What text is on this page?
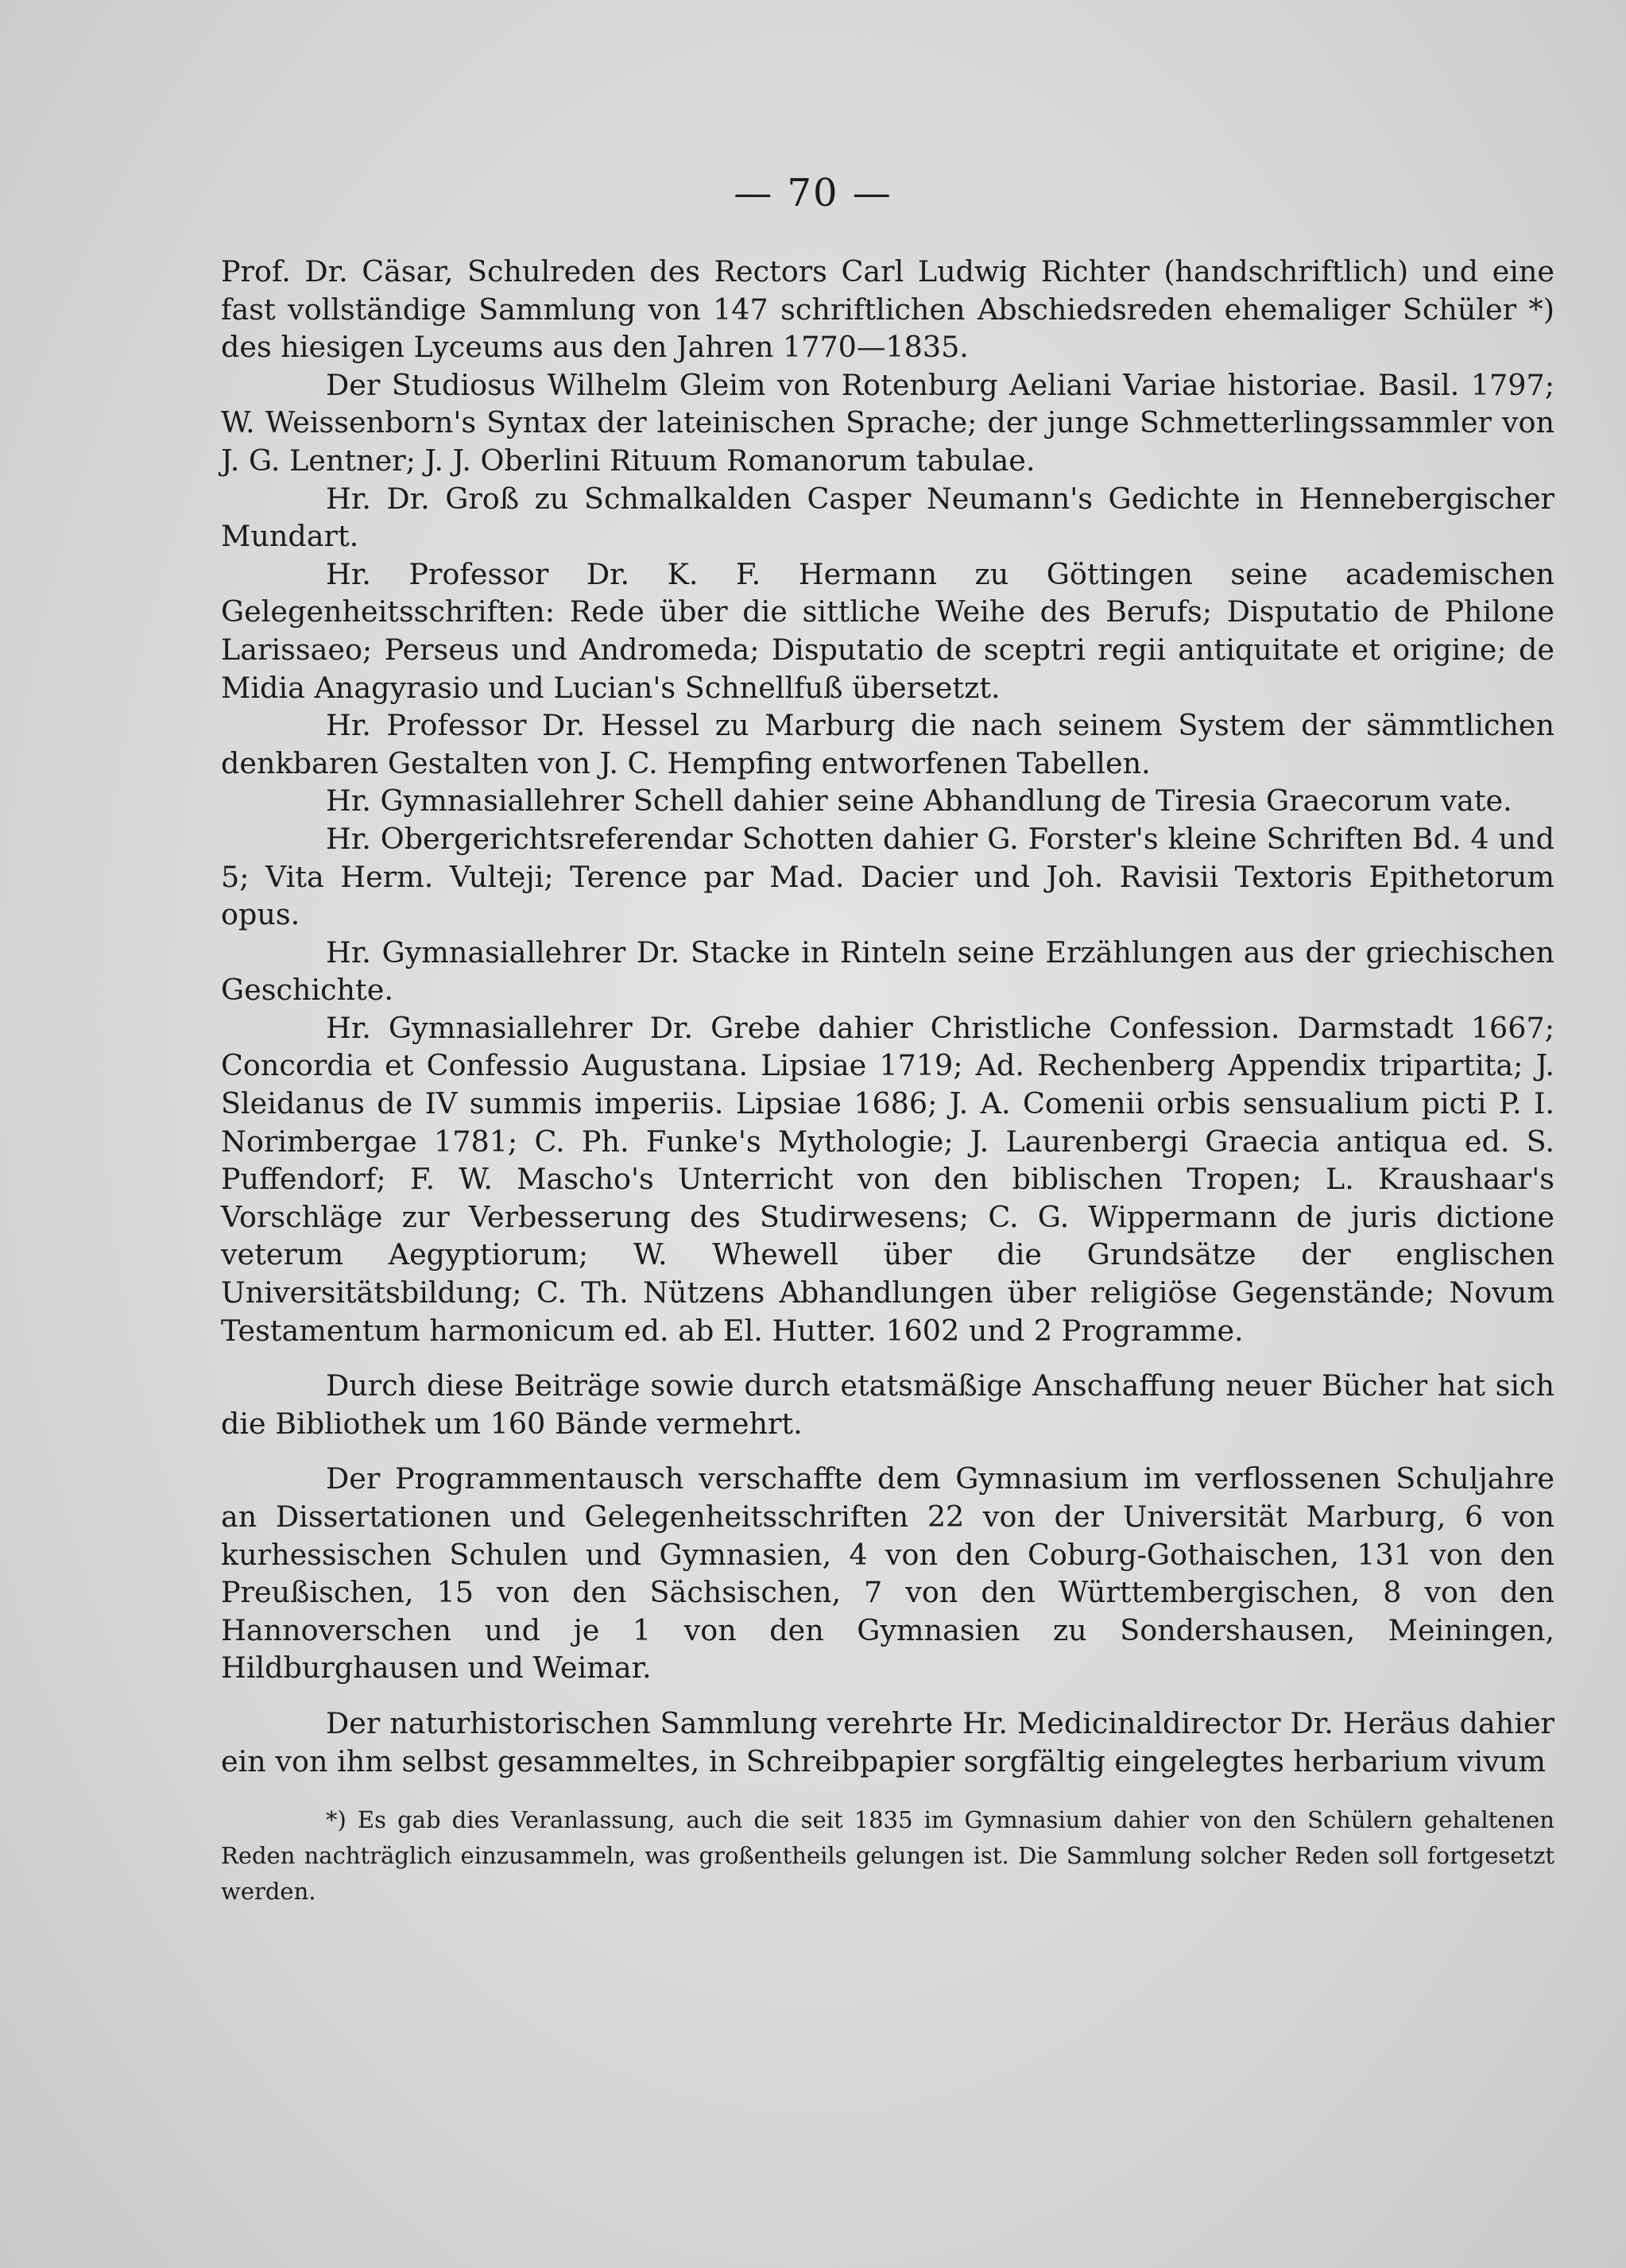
— 70 —

Prof. Dr. Cäsar, Schulreden des Rectors Carl Ludwig Richter (handschriftlich) und eine fast vollständige Sammlung von 147 schriftlichen Abschiedsreden ehemaliger Schüler *) des hiesigen Lyceums aus den Jahren 1770—1835.

Der Studiosus Wilhelm Gleim von Rotenburg Aeliani Variae historiae. Basil. 1797; W. Weissenborn's Syntax der lateinischen Sprache; der junge Schmetterlingssammler von J. G. Lentner; J. J. Oberlini Rituum Romanorum tabulae.

Hr. Dr. Groß zu Schmalkalden Casper Neumann's Gedichte in Hennebergischer Mundart.

Hr. Professor Dr. K. F. Hermann zu Göttingen seine academischen Gelegenheitsschriften: Rede über die sittliche Weihe des Berufs; Disputatio de Philone Larissaeo; Perseus und Andromeda; Disputatio de sceptri regii antiquitate et origine; de Midia Anagyrasio und Lucian's Schnellfuß übersetzt.

Hr. Professor Dr. Hessel zu Marburg die nach seinem System der sämmtlichen denkbaren Gestalten von J. C. Hempfing entworfenen Tabellen.

Hr. Gymnasiallehrer Schell dahier seine Abhandlung de Tiresia Graecorum vate.

Hr. Obergerichtsreferendar Schotten dahier G. Forster's kleine Schriften Bd. 4 und 5; Vita Herm. Vulteji; Terence par Mad. Dacier und Joh. Ravisii Textoris Epithetorum opus.

Hr. Gymnasiallehrer Dr. Stacke in Rinteln seine Erzählungen aus der griechischen Geschichte.

Hr. Gymnasiallehrer Dr. Grebe dahier Christliche Confession. Darmstadt 1667; Concordia et Confessio Augustana. Lipsiae 1719; Ad. Rechenberg Appendix tripartita; J. Sleidanus de IV summis imperiis. Lipsiae 1686; J. A. Comenii orbis sensualium picti P. I. Norimbergae 1781; C. Ph. Funke's Mythologie; J. Laurenbergi Graecia antiqua ed. S. Puffendorf; F. W. Mascho's Unterricht von den biblischen Tropen; L. Kraushaar's Vorschläge zur Verbesserung des Studirwesens; C. G. Wippermann de juris dictione veterum Aegyptiorum; W. Whewell über die Grundsätze der englischen Universitätsbildung; C. Th. Nützens Abhandlungen über religiöse Gegenstände; Novum Testamentum harmonicum ed. ab El. Hutter. 1602 und 2 Programme.

Durch diese Beiträge sowie durch etatsmäßige Anschaffung neuer Bücher hat sich die Bibliothek um 160 Bände vermehrt.

Der Programmentausch verschaffte dem Gymnasium im verflossenen Schuljahre an Dissertationen und Gelegenheitsschriften 22 von der Universität Marburg, 6 von kurhessischen Schulen und Gymnasien, 4 von den Coburg-Gothaischen, 131 von den Preußischen, 15 von den Sächsischen, 7 von den Württembergischen, 8 von den Hannoverschen und je 1 von den Gymnasien zu Sondershausen, Meiningen, Hildburghausen und Weimar.

Der naturhistorischen Sammlung verehrte Hr. Medicinaldirector Dr. Heräus dahier ein von ihm selbst gesammeltes, in Schreibpapier sorgfältig eingelegtes herbarium vivum

*) Es gab dies Veranlassung, auch die seit 1835 im Gymnasium dahier von den Schülern gehaltenen Reden nachträglich einzusammeln, was großentheils gelungen ist. Die Sammlung solcher Reden soll fortgesetzt werden.
